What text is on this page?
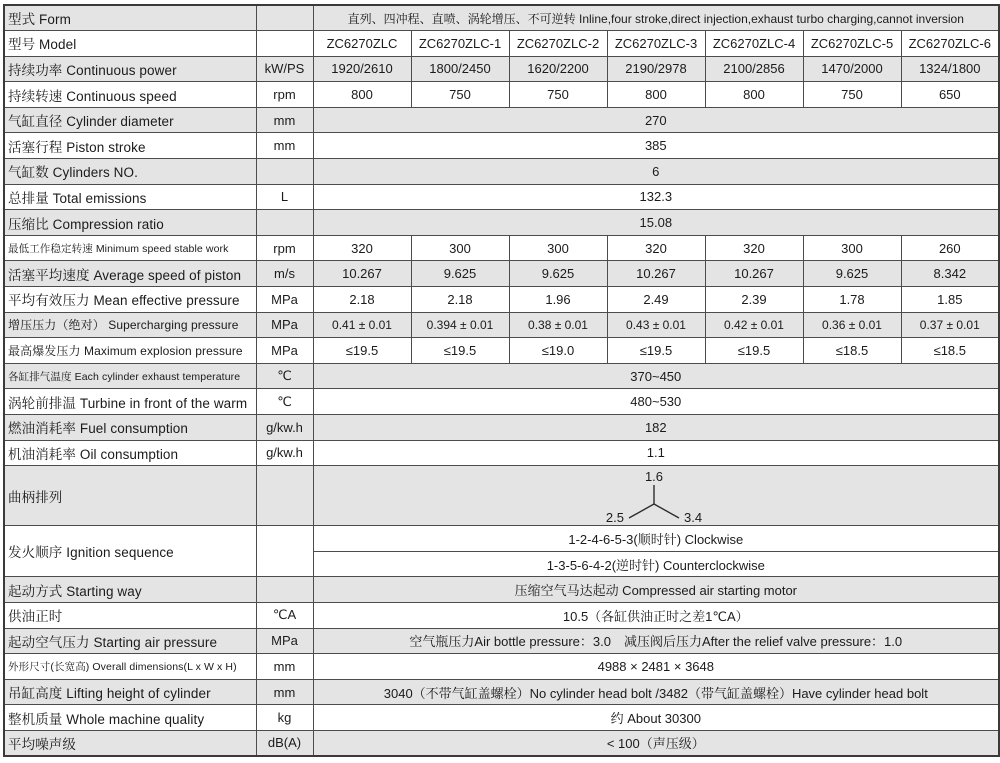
型式 Form		直列、四冲程、直喷、涡轮增压、不可逆转 Inline,four stroke,direct injection,exhaust turbo charging,cannot inversion						
型号 Model		ZC6270ZLC	ZC6270ZLC-1	ZC6270ZLC-2	ZC6270ZLC-3	ZC6270ZLC-4	ZC6270ZLC-5	ZC6270ZLC-6
持续功率 Continuous power	kW/PS	1920/2610	1800/2450	1620/2200	2190/2978	2100/2856	1470/2000	1324/1800
持续转速 Continuous speed	rpm	800	750	750	800	800	750	650
气缸直径 Cylinder diameter	mm	270						
活塞行程 Piston stroke	mm	385						
气缸数 Cylinders NO.		6						
总排量 Total emissions	L	132.3						
压缩比 Compression ratio		15.08						
最低工作稳定转速 Minimum speed stable work	rpm	320	300	300	320	320	300	260
活塞平均速度 Average speed of piston	m/s	10.267	9.625	9.625	10.267	10.267	9.625	8.342
平均有效压力 Mean effective pressure	MPa	2.18	2.18	1.96	2.49	2.39	1.78	1.85
增压压力（绝对） Supercharging pressure	MPa	0.41 ± 0.01	0.394 ± 0.01	0.38 ± 0.01	0.43 ± 0.01	0.42 ± 0.01	0.36 ± 0.01	0.37 ± 0.01
最高爆发压力 Maximum explosion pressure	MPa	≤19.5	≤19.5	≤19.0	≤19.5	≤19.5	≤18.5	≤18.5
各缸排气温度 Each cylinder exhaust temperature	℃	370~450						
涡轮前排温 Turbine in front of the warm	℃	480~530						
燃油消耗率 Fuel consumption	g/kw.h	182						
机油消耗率 Oil consumption	g/kw.h	1.1						
曲柄排列		1.6
2.5 3.4						

发火顺序 Ignition sequence		1-2-4-6-5-3(顺时针) Clockwise						
		1-3-5-6-4-2(逆时针) Counterclockwise						
起动方式 Starting way		压缩空气马达起动 Compressed air starting motor						
供油正时	℃A	10.5（各缸供油正时之差1℃A）						
起动空气压力 Starting air pressure	MPa	空气瓶压力Air bottle pressure：3.0　减压阀后压力After the relief valve pressure：1.0						
外形尺寸(长宽高) Overall dimensions(L x W x H)	mm	4988 × 2481 × 3648						
吊缸高度 Lifting height of cylinder	mm	3040（不带气缸盖螺栓）No cylinder head bolt /3482（带气缸盖螺栓）Have cylinder head bolt						
整机质量 Whole machine quality	kg	约 About 30300						
平均噪声级	dB(A)	< 100（声压级）						
